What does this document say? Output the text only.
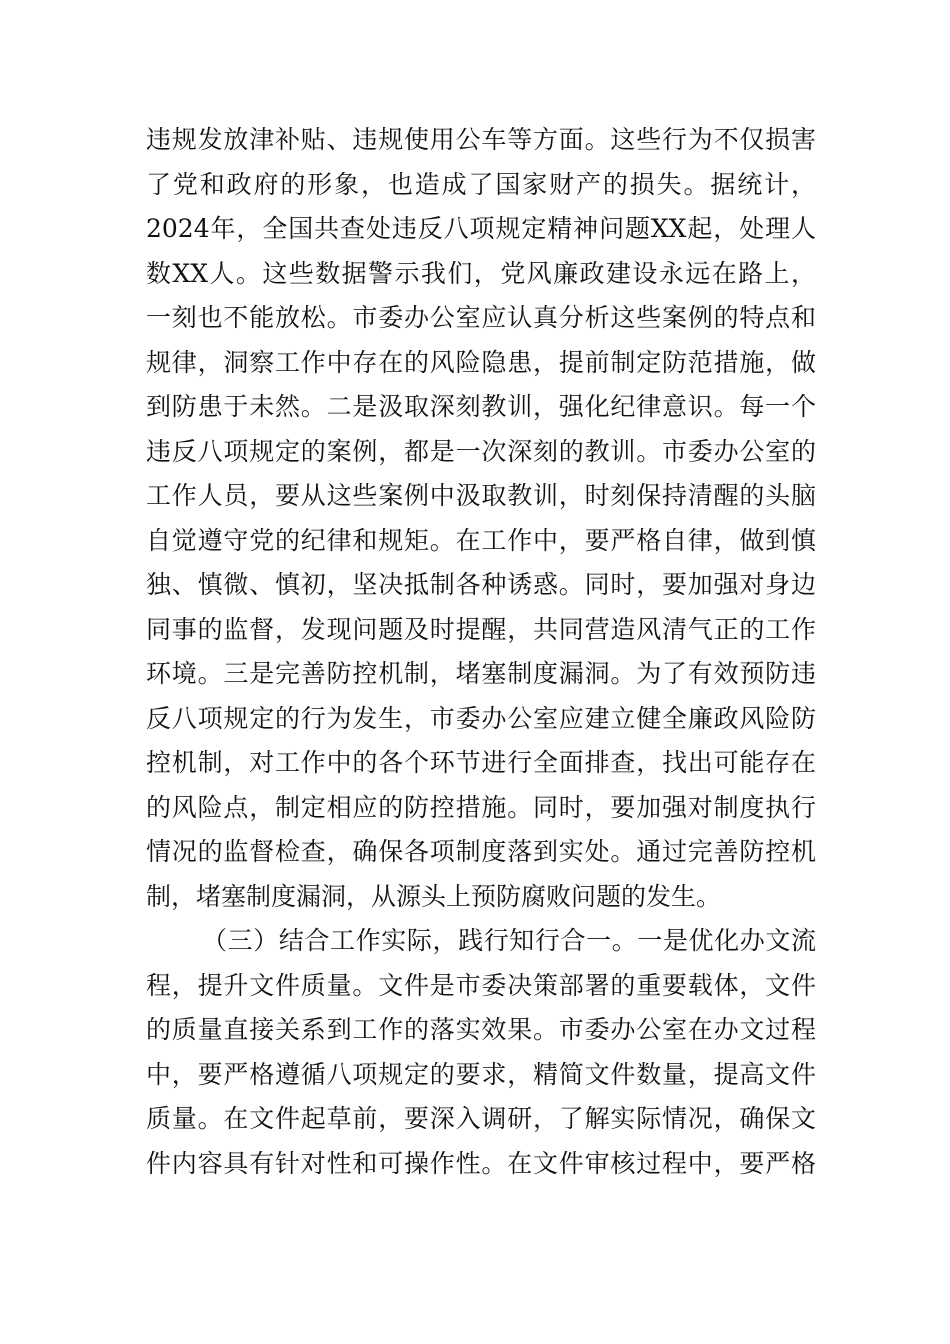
违规发放津补贴、违规使用公车等方面。这些行为不仅损害
了党和政府的形象，也造成了国家财产的损失。据统计，
2024年，全国共查处违反八项规定精神问题XX起，处理人
数XX人。这些数据警示我们，党风廉政建设永远在路上，
一刻也不能放松。市委办公室应认真分析这些案例的特点和
规律，洞察工作中存在的风险隐患，提前制定防范措施，做
到防患于未然。二是汲取深刻教训，强化纪律意识。每一个
违反八项规定的案例，都是一次深刻的教训。市委办公室的
工作人员，要从这些案例中汲取教训，时刻保持清醒的头脑
自觉遵守党的纪律和规矩。在工作中，要严格自律，做到慎
独、慎微、慎初，坚决抵制各种诱惑。同时，要加强对身边
同事的监督，发现问题及时提醒，共同营造风清气正的工作
环境。三是完善防控机制，堵塞制度漏洞。为了有效预防违
反八项规定的行为发生，市委办公室应建立健全廉政风险防
控机制，对工作中的各个环节进行全面排查，找出可能存在
的风险点，制定相应的防控措施。同时，要加强对制度执行
情况的监督检查，确保各项制度落到实处。通过完善防控机
制，堵塞制度漏洞，从源头上预防腐败问题的发生。
（三）结合工作实际，践行知行合一。一是优化办文流
程，提升文件质量。文件是市委决策部署的重要载体，文件
的质量直接关系到工作的落实效果。市委办公室在办文过程
中，要严格遵循八项规定的要求，精简文件数量，提高文件
质量。在文件起草前，要深入调研，了解实际情况，确保文
件内容具有针对性和可操作性。在文件审核过程中，要严格
